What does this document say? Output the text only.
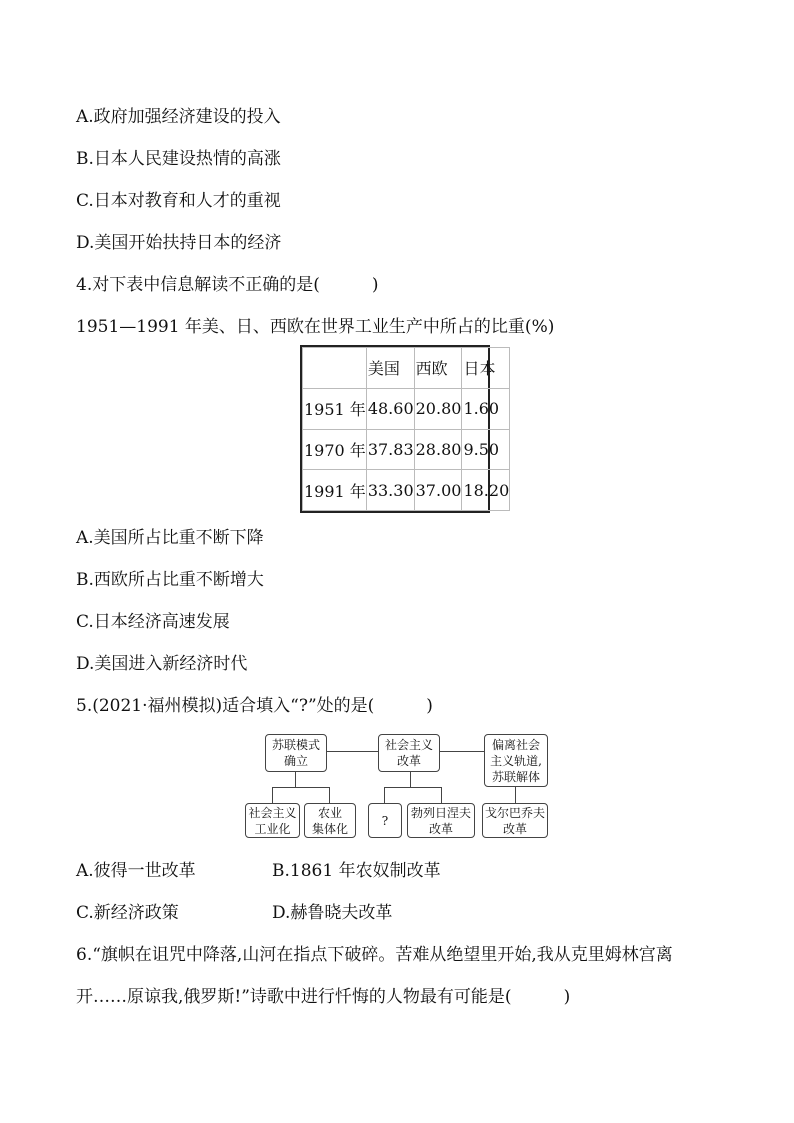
A.政府加强经济建设的投入
B.日本人民建设热情的高涨
C.日本对教育和人才的重视
D.美国开始扶持日本的经济
4.对下表中信息解读不正确的是(	)
1951—1991 年美、日、西欧在世界工业生产中所占的比重(%)
	美国	西欧	日本
1951 年	48.60	20.80	1.60
1970 年	37.83	28.80	9.50
1991 年	33.30	37.00	18.20
A.美国所占比重不断下降
B.西欧所占比重不断增大
C.日本经济高速发展
D.美国进入新经济时代
5.(2021·福州模拟)适合填入“?”处的是(	)
苏联模式
确立
社会主义
改革
偏离社会
主义轨道,
苏联解体
社会主义
工业化
农业
集体化
?
勃列日涅夫
改革
戈尔巴乔夫
改革
A.彼得一世改革	B.1861 年农奴制改革
C.新经济政策	D.赫鲁晓夫改革
6.“旗帜在诅咒中降落,山河在指点下破碎。苦难从绝望里开始,我从克里姆林宫离
开……原谅我,俄罗斯!”诗歌中进行忏悔的人物最有可能是(	)
